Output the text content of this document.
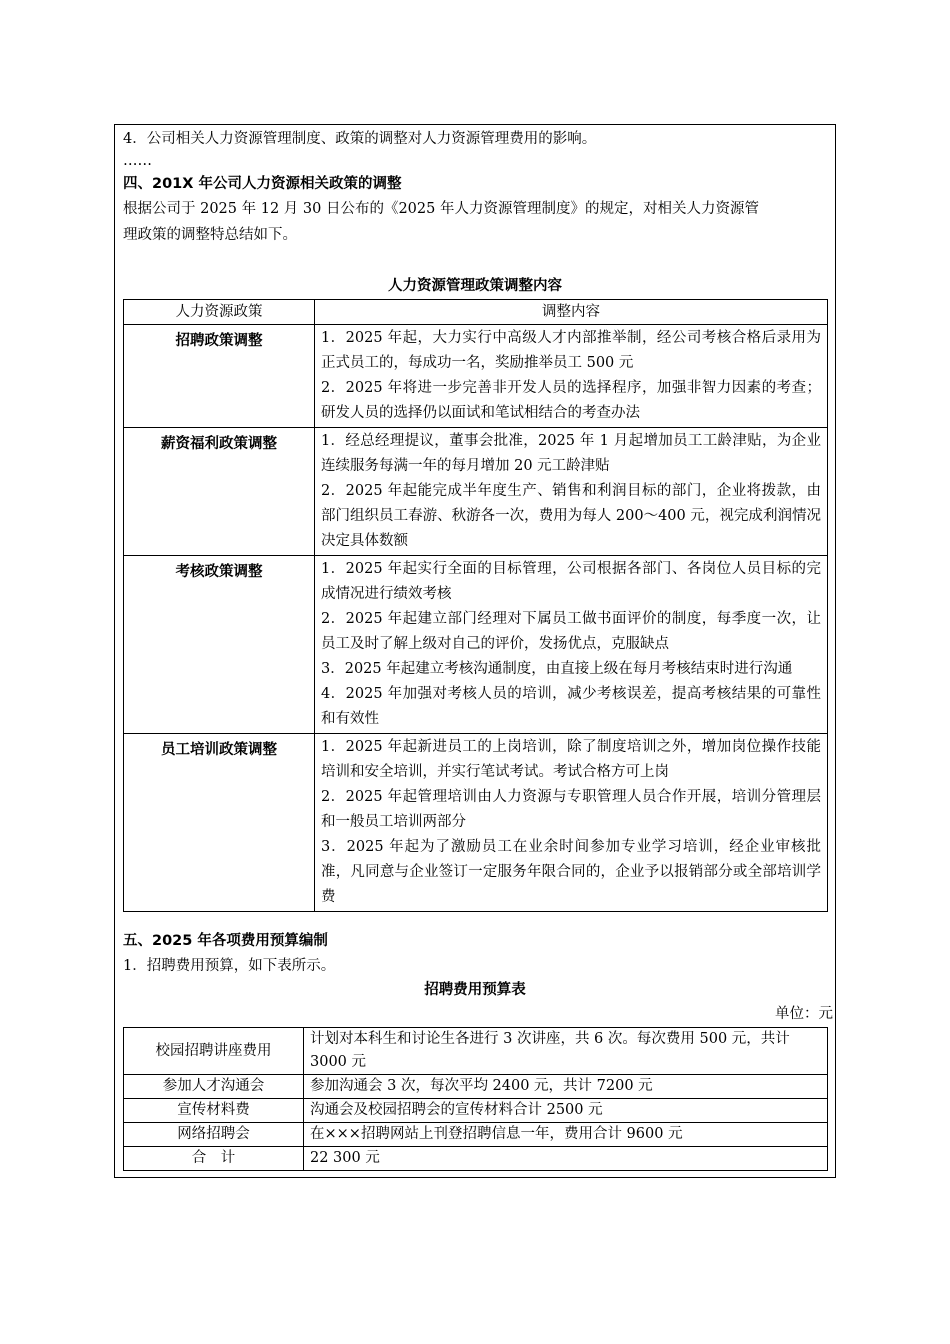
4．公司相关人力资源管理制度、政策的调整对人力资源管理费用的影响。
……
四、201X 年公司人力资源相关政策的调整
根据公司于 2025 年 12 月 30 日公布的《2025 年人力资源管理制度》的规定，对相关人力资源管
理政策的调整特总结如下。
人力资源管理政策调整内容
人力资源政策	调整内容
招聘政策调整	1．2025 年起，大力实行中高级人才内部推举制，经公司考核合格后录用为正式员工的，每成功一名，奖励推举员工 500 元
2．2025 年将进一步完善非开发人员的选择程序，加强非智力因素的考查；研发人员的选择仍以面试和笔试相结合的考查办法

薪资福利政策调整	1．经总经理提议，董事会批准，2025 年 1 月起增加员工工龄津贴，为企业连续服务每满一年的每月增加 20 元工龄津贴
2．2025 年起能完成半年度生产、销售和利润目标的部门，企业将拨款，由部门组织员工春游、秋游各一次，费用为每人 200～400 元，视完成利润情况决定具体数额

考核政策调整	1．2025 年起实行全面的目标管理，公司根据各部门、各岗位人员目标的完成情况进行绩效考核
2．2025 年起建立部门经理对下属员工做书面评价的制度，每季度一次，让员工及时了解上级对自己的评价，发扬优点，克服缺点
3．2025 年起建立考核沟通制度，由直接上级在每月考核结束时进行沟通
4．2025 年加强对考核人员的培训，减少考核误差，提高考核结果的可靠性和有效性

员工培训政策调整	1．2025 年起新进员工的上岗培训，除了制度培训之外，增加岗位操作技能培训和安全培训，并实行笔试考试。考试合格方可上岗
2．2025 年起管理培训由人力资源与专职管理人员合作开展，培训分管理层和一般员工培训两部分
3．2025 年起为了激励员工在业余时间参加专业学习培训，经企业审核批准，凡同意与企业签订一定服务年限合同的，企业予以报销部分或全部培训学费
五、2025 年各项费用预算编制
1．招聘费用预算，如下表所示。
招聘费用预算表
单位：元
校园招聘讲座费用	计划对本科生和讨论生各进行 3 次讲座，共 6 次。每次费用 500 元，共计 3000 元
参加人才沟通会	参加沟通会 3 次，每次平均 2400 元，共计 7200 元
宣传材料费	沟通会及校园招聘会的宣传材料合计 2500 元
网络招聘会	在×××招聘网站上刊登招聘信息一年，费用合计 9600 元
合　计	22 300 元
